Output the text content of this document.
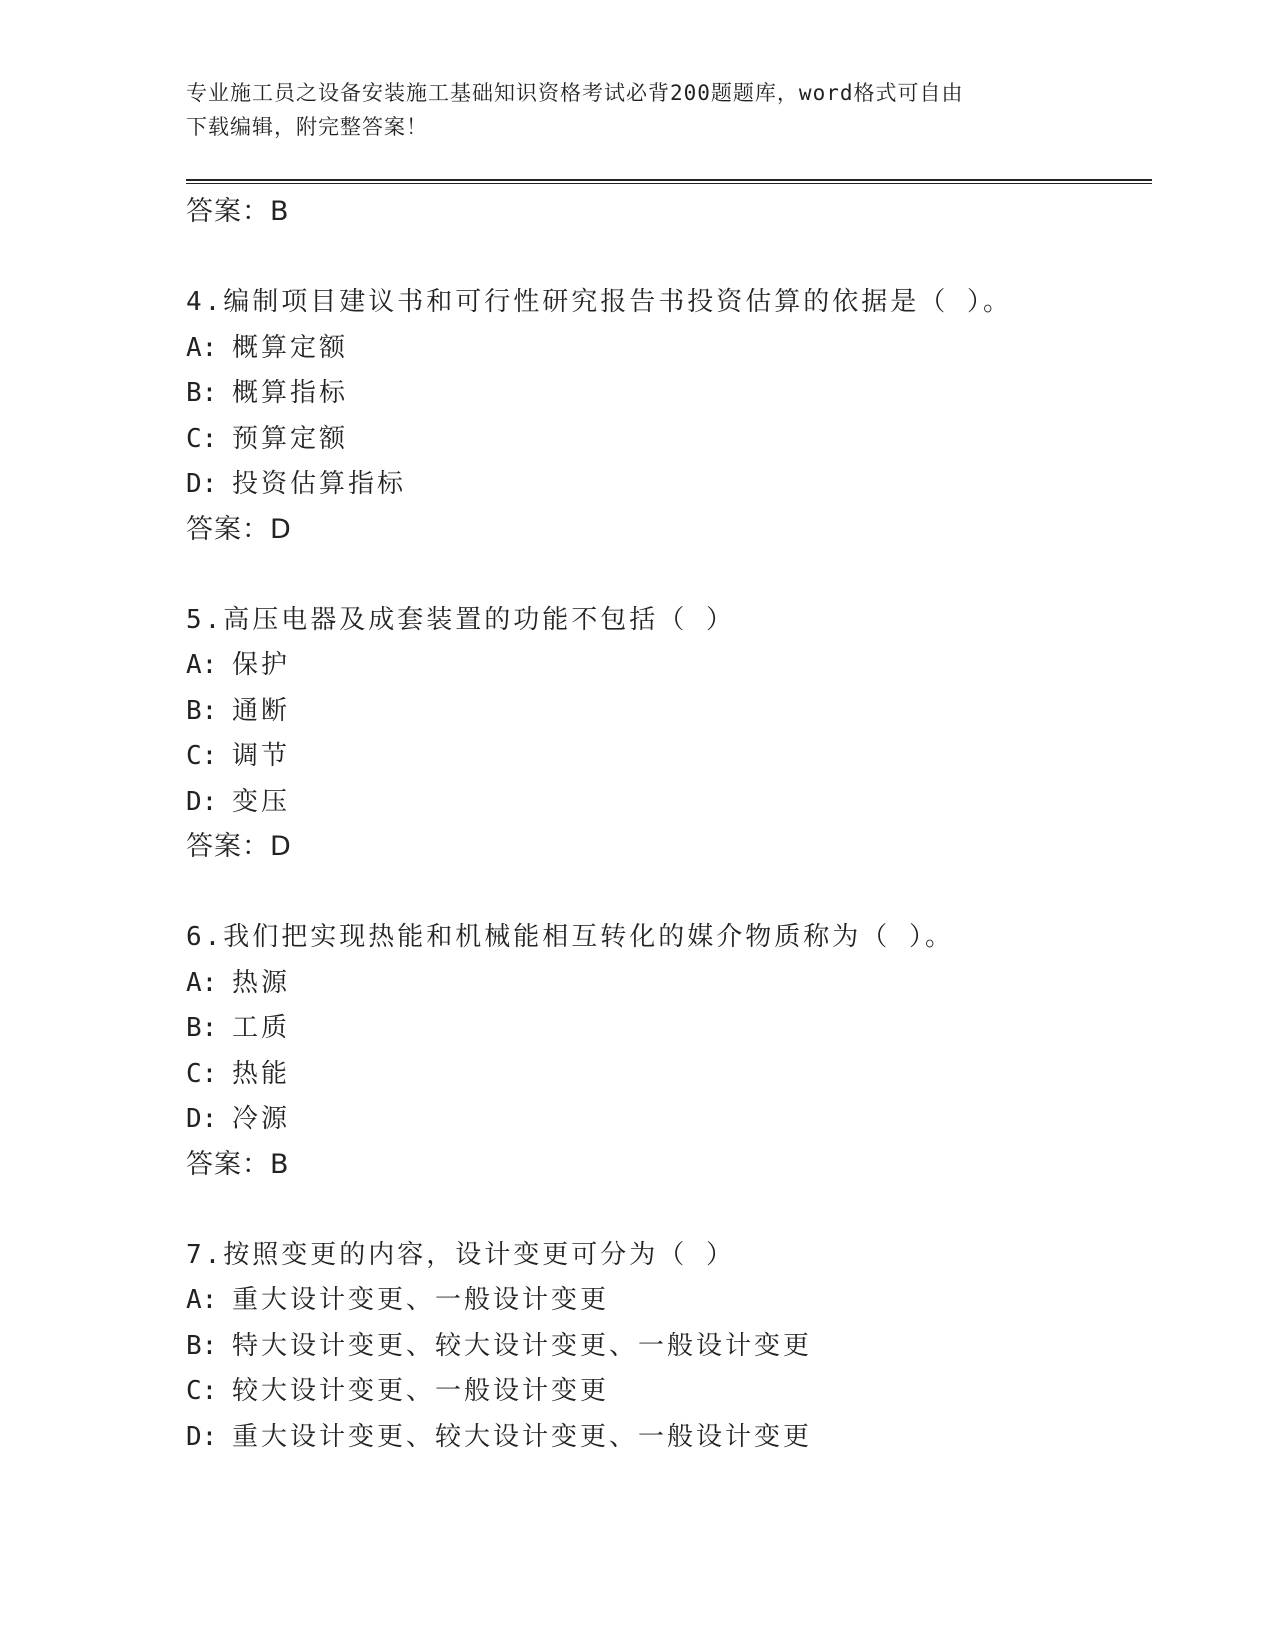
专业施工员之设备安装施工基础知识资格考试必背200题题库，word格式可自由
下载编辑，附完整答案！
答案：B
4.编制项目建议书和可行性研究报告书投资估算的依据是（ ）。
A: 概算定额
B: 概算指标
C: 预算定额
D: 投资估算指标
答案：D
5.高压电器及成套装置的功能不包括（ ）
A: 保护
B: 通断
C: 调节
D: 变压
答案：D
6.我们把实现热能和机械能相互转化的媒介物质称为（ ）。
A: 热源
B: 工质
C: 热能
D: 冷源
答案：B
7.按照变更的内容，设计变更可分为（ ）
A: 重大设计变更、一般设计变更
B: 特大设计变更、较大设计变更、一般设计变更
C: 较大设计变更、一般设计变更
D: 重大设计变更、较大设计变更、一般设计变更
